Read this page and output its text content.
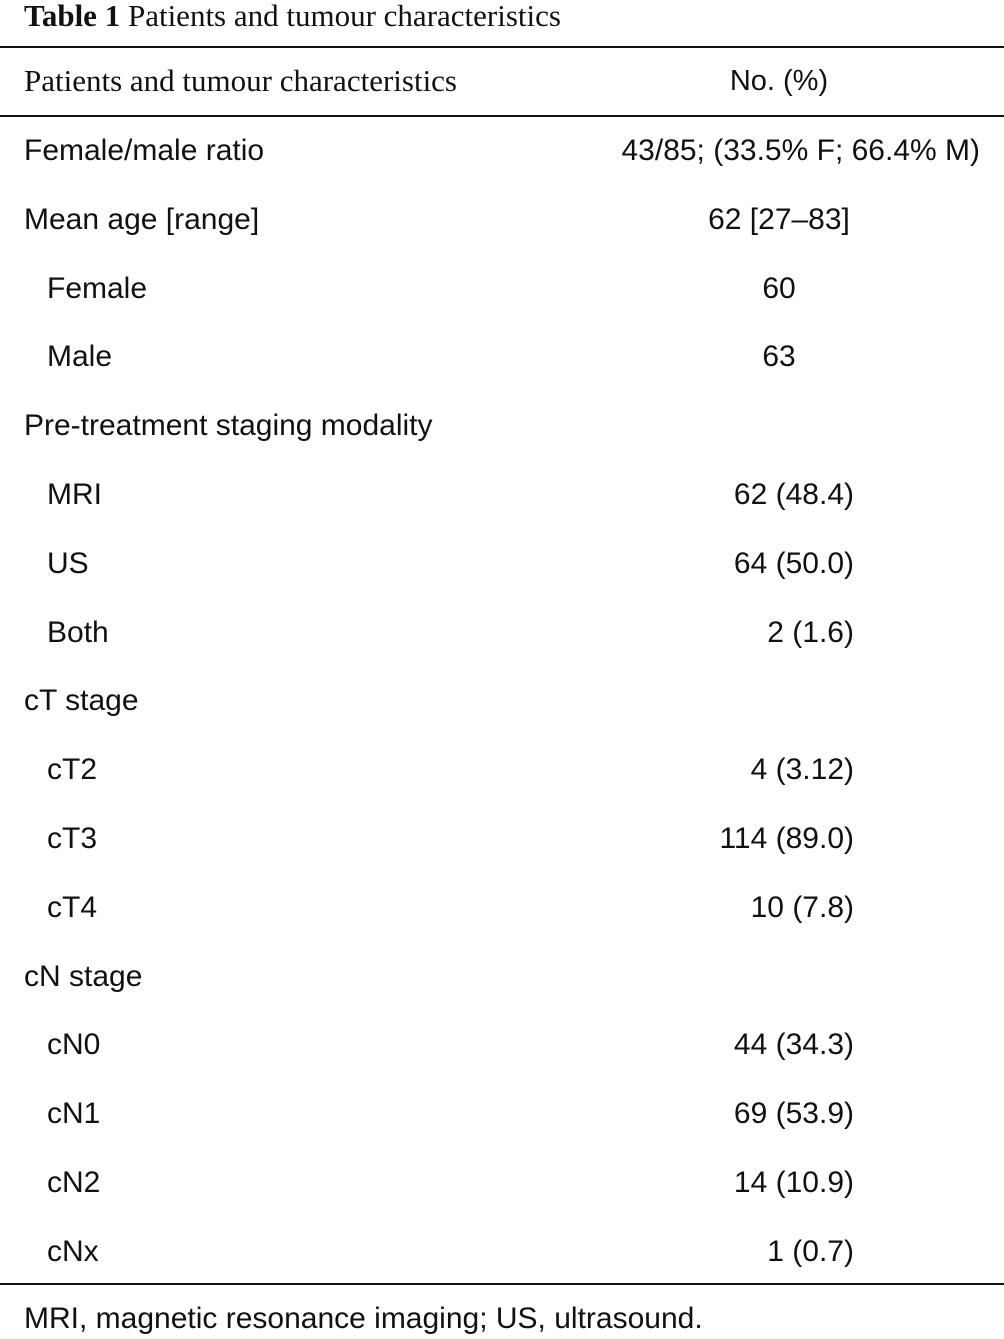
Table 1 Patients and tumour characteristics
Patients and tumour characteristics	No. (%)
Female/male ratio	43/85; (33.5% F; 66.4% M)
Mean age [range]	62 [27–83]
Female	60
Male	63
Pre-treatment staging modality
MRI	62 (48.4)
US	64 (50.0)
Both	2 (1.6)
cT stage
cT2	4 (3.12)
cT3	114 (89.0)
cT4	10 (7.8)
cN stage
cN0	44 (34.3)
cN1	69 (53.9)
cN2	14 (10.9)
cNx	1 (0.7)
MRI, magnetic resonance imaging; US, ultrasound.
